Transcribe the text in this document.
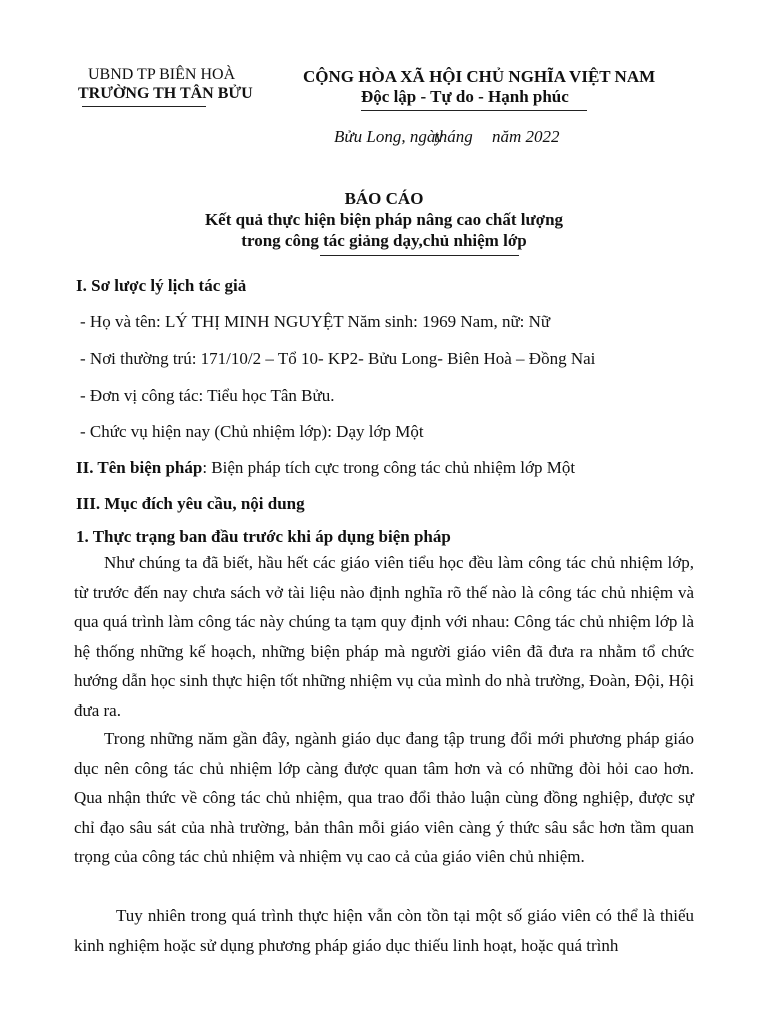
UBND TP BIÊN HOÀ
TRƯỜNG TH TÂN BỬU
CỘNG HÒA XÃ HỘI CHỦ NGHĨA VIỆT NAM
Độc lập - Tự do - Hạnh phúc
Bửu Long, ngàytháng năm 2022
BÁO CÁO
Kết quả thực hiện biện pháp nâng cao chất lượng
trong công tác giảng dạy,chủ nhiệm lớp
I. Sơ lược lý lịch tác giả
- Họ và tên: LÝ THỊ MINH NGUYỆT Năm sinh: 1969 Nam, nữ: Nữ
- Nơi thường trú: 171/10/2 – Tổ 10- KP2- Bửu Long- Biên Hoà – Đồng Nai
- Đơn vị công tác: Tiểu học Tân Bửu.
- Chức vụ hiện nay (Chủ nhiệm lớp): Dạy lớp Một
II. Tên biện pháp: Biện pháp tích cực trong công tác chủ nhiệm lớp Một
III. Mục đích yêu cầu, nội dung
1. Thực trạng ban đầu trước khi áp dụng biện pháp
Như chúng ta đã biết, hầu hết các giáo viên tiểu học đều làm công tác chủ nhiệm lớp, từ trước đến nay chưa sách vở tài liệu nào định nghĩa rõ thế nào là công tác chủ nhiệm và qua quá trình làm công tác này chúng ta tạm quy định với nhau: Công tác chủ nhiệm lớp là hệ thống những kế hoạch, những biện pháp mà người giáo viên đã đưa ra nhằm tổ chức hướng dẫn học sinh thực hiện tốt những nhiệm vụ của mình do nhà trường, Đoàn, Đội, Hội đưa ra.
Trong những năm gần đây, ngành giáo dục đang tập trung đổi mới phương pháp giáo dục nên công tác chủ nhiệm lớp càng được quan tâm hơn và có những đòi hỏi cao hơn. Qua nhận thức về công tác chủ nhiệm, qua trao đổi thảo luận cùng đồng nghiệp, được sự chỉ đạo sâu sát của nhà trường, bản thân mỗi giáo viên càng ý thức sâu sắc hơn tầm quan trọng của công tác chủ nhiệm và nhiệm vụ cao cả của giáo viên chủ nhiệm.
Tuy nhiên trong quá trình thực hiện vẫn còn tồn tại một số giáo viên có thể là thiếu kinh nghiệm hoặc sử dụng phương pháp giáo dục thiếu linh hoạt, hoặc quá trình
